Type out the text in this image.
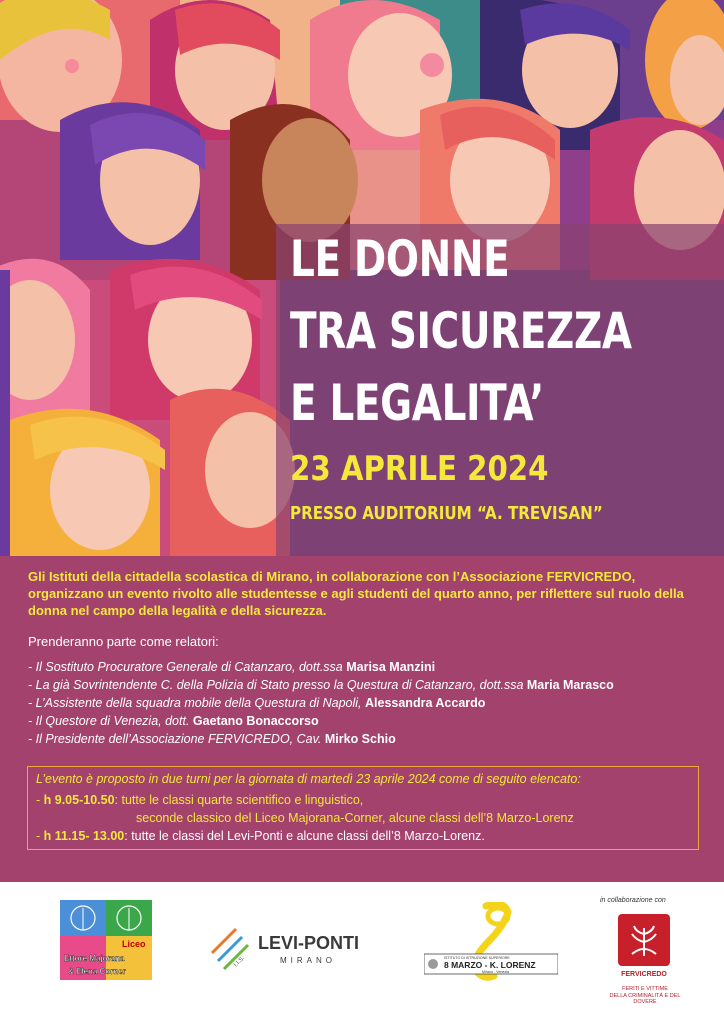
LE DONNE
TRA SICUREZZA
E LEGALITA’
23 APRILE 2024
PRESSO AUDITORIUM “A. TREVISAN”
Gli Istituti della cittadella scolastica di Mirano, in collaborazione con l’Associazione FERVICREDO, organizzano un evento rivolto alle studentesse e agli studenti del quarto anno, per riflettere sul ruolo della donna nel campo della legalità e della sicurezza.
Prenderanno parte come relatori:
- Il Sostituto Procuratore Generale di Catanzaro, dott.ssa Marisa Manzini
- La già Sovrintendente C. della Polizia di Stato presso la Questura di Catanzaro, dott.ssa Maria Marasco
- L’Assistente della squadra mobile della Questura di Napoli, Alessandra Accardo
- Il Questore di Venezia, dott. Gaetano Bonaccorso
- Il Presidente dell’Associazione FERVICREDO, Cav. Mirko Schio
L’evento è proposto in due turni per la giornata di martedì 23 aprile 2024 come di seguito elencato:
- h 9.05-10.50: tutte le classi quarte scientifico e linguistico,
seconde classico del Liceo Majorana-Corner, alcune classi dell’8 Marzo-Lorenz
- h 11.15- 13.00: tutte le classi del Levi-Ponti e alcune classi dell’8 Marzo-Lorenz.
Liceo
Ettore Majorana
& Elena Corner
I.I.S.
LEVI-PONTI
MIRANO	ISTITUTO DI ISTRUZIONE SUPERIORE
8 MARZO - K. LORENZ
Mirano - Venezia
in collaborazione con
FERVICREDO
FERITI E VITTIME
DELLA CRIMINALITÀ E DEL DOVERE
